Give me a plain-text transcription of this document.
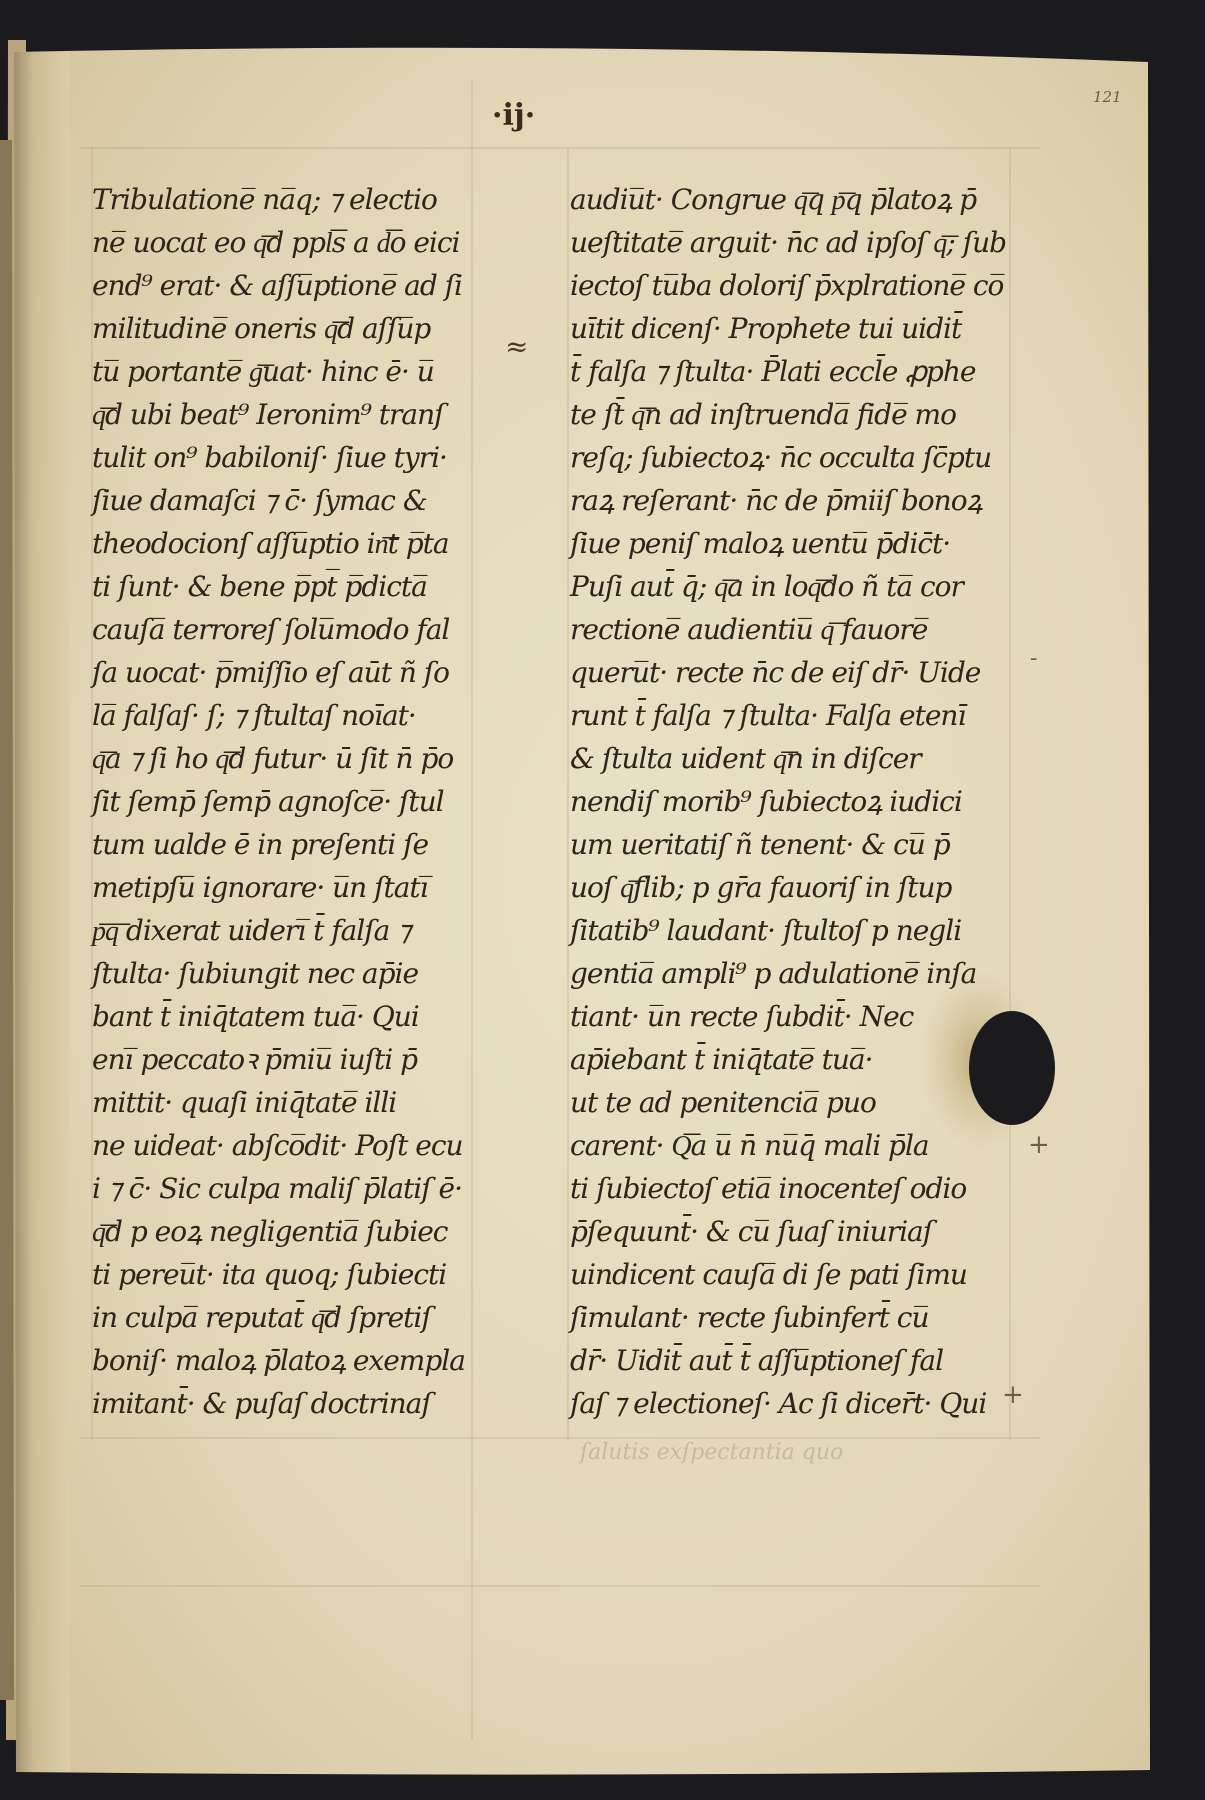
·ij·
121
≈
ſalutis exſpectantia quo
-
+
+
Tribulatione̅ na̅q; ⁊ electio
ne̅ uocat eo q͞d ppl͞s a d͞o eici
end⁹ erat· & aſſu̅ptione̅ ad ſi
militudine̅ oneris q͞d aſſu̅p
tu̅ portante̅ g͞uat· hinc ē· u̅
q͞d ubi beat⁹ Ieronim⁹ tranſ
tulit on⁹ babiloniſ· ſiue tyri·
ſiue damaſci ⁊ c̄· ſymac &
theodocionſ aſſu̅ptio in͞t p̅ta
ti ſunt· & bene p̅pt̅ p̅dicta̅
cauſa̅ terroreſ ſolu̅modo fal
ſa uocat· p̅miſſio eſ aūt ñ ſo
la̅ falſaſ· ſ; ⁊ ſtultaſ noīat·
q͞a ⁊ ſi ho q͞d futur· ū ſit n̄ p̄o
ſit ſemp̄ ſemp̄ agnoſce̅· ſtul
tum ualde ē in preſenti ſe
metipſu̅ ignorare· u̅n ſtati̅
p͞q͞ dixerat uideri̅ t̄ falſa ⁊
ſtulta· ſubiungit nec ap̄ie
bant t̄ iniq̄tatem tua̅· Qui
eni̅ peccatoꝛ p̄miu̅ iuſti p̄
mittit· quaſi iniq̄tate̅ illi
ne uideat· abſco̅dit· Poſt ecu
i ⁊ c̄· Sic culpa maliſ p̄latiſ ē·
q͞d p eoꝝ negligentia̅ ſubiec
ti pereu̅t· ita quoq; ſubiecti
in culpa̅ reputat̄ q͞d ſpretiſ
boniſ· maloꝝ p̄latoꝝ exempla
imitant̄· & puſaſ doctrinaſ
audiu̅t· Congrue q͞q p͞q p̄latoꝝ p̄
ueſtitate̅ arguit· n̄c ad ipſoſ q͞; ſub
iectoſ tu̅ba doloriſ p̄xplratione̅ co̅
uītit dicenſ· Prophete tui uidit̄
t̄ falſa ⁊ ſtulta· P̄lati eccl̄e ꝓphe
te ſt̄ q͞n ad inſtruenda̅ fide̅ mo
reſq; ſubiectoꝝ· n̄c occulta ſc̄ptu
raꝝ reſerant· n̄c de p̄miiſ bonoꝝ
ſiue peniſ maloꝝ uentu̅ p̄dic̄t·
Puſi aut̄ q̄; q͞a in loq͞do ñ ta̅ cor
rectione̅ audientiu̅ q͞ fauore̅
queru̅t· recte n̄c de eiſ dr̄· Uide
runt t̄ falſa ⁊ ſtulta· Falſa etenī
& ſtulta uident q͞n in diſcer
nendiſ morib⁹ ſubiectoꝝ iudici
um ueritatiſ ñ tenent· & cu̅ p̄
uoſ q͞ſlib; p gr̄a fauoriſ in ſtup
ſitatib⁹ laudant· ſtultoſ p negli
gentia̅ ampli⁹ p adulatione̅ inſa
tiant· u̅n recte ſubdit̄· Nec
ap̄iebant t̄ iniq̄tate̅ tua̅·
ut te ad penitencia̅ puo
carent· Q͞a u̅ n̄ nu̅q̄ mali p̄la
ti ſubiectoſ etia̅ inocenteſ odio
p̄ſequunt̄· & cu̅ ſuaſ iniuriaſ
uindicent cauſa̅ di ſe pati ſimu
ſimulant· recte ſubinfert̄ cu̅
dr̄· Uidit̄ aut̄ t̄ aſſu̅ptioneſ fal
ſaſ ⁊ electioneſ· Ac ſi dicer̄t· Qui
